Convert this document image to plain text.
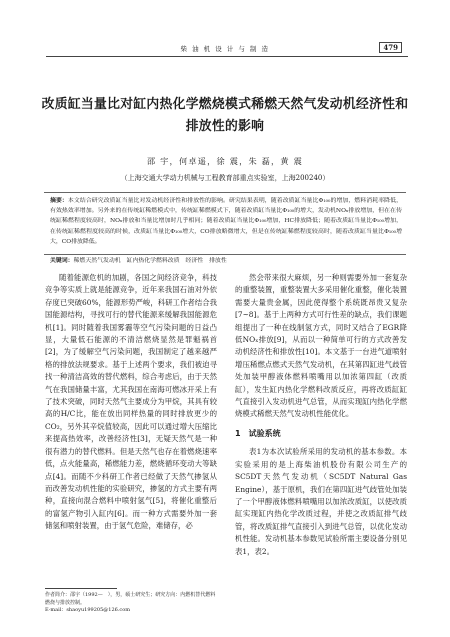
柴 油 机 设 计 与 制 造	479
改质缸当量比对缸内热化学燃烧模式稀燃天然气发动机经济性和排放性的影响
邵 宇，何卓遥，徐 震，朱 磊，黄 震
（上海交通大学动力机械与工程教育部重点实验室，上海200240）
摘要：本文结合研究改质缸当量比对发动机经济性和排放性的影响。研究结果表明，随着改质缸当量比Φ₁₀₀的增加，燃料消耗率降低，有效热效率增加。另外来的在传统缸稀燃模式中，传统缸稀燃模式下，随着改质缸当量比Φ₁₀₀的增大，发动机NOₓ排放增加，但在在传统缸稀燃程度较高时，NOₓ排放和当量比增加时几乎相同；随着改质缸当量比Φ₁₀₀增加，HC排放降低；随着改质缸当量比Φ₁₀₀增加，在传统缸稀燃程度较高的时候，改质缸当量比Φ₁₀₀增大，CO排放略微增大，但是在传统缸稀燃程度较高时，随着改质缸当量比Φ₁₀₀增大，CO排放降低。
关键词：稀燃天然气发动机　缸内热化学燃料改质　经济性　排放性

随着能源危机的加剧，各国之间经济竞争，科技竞争等实质上就是能源竞争，近年来我国石油对外依存度已突破60%，能源形势严峻，科研工作者结合我国能源结构，寻找可行的替代能源来缓解我国能源危机[1]。同时随着我国雾霾等空气污染问题的日益凸显，大量低石能源的不清洁燃烧显然是罪魁祸首[2]，为了缓解空气污染问题，我国制定了越来越严格的排放法规要求。基于上述两个要求，我们被迫寻找一种清洁高效的替代燃料，综合考虑后，由于天然气在我国储量丰富，尤其我国在南海可燃冰开采上有了技术突破，同时天然气主要成分为甲烷，其具有较高的H/C比，能在放出同样热量的同时排放更少的CO₂，另外其辛烷值较高，因此可以通过增大压缩比来提高热效率，改善经济性[3]，无疑天然气是一种很有潜力的替代燃料。但是天然气也存在着燃烧速率低，点火能量高，稀燃能力差，燃烧循环变动大等缺点[4]。而随不少科研工作者已经做了天然气掺氢从而改善发动机性能的实验研究，掺氢的方式主要有两种，直接向混合燃料中喷射氢气[5]，将催化重整后的富氢产物引入缸内[6]。而一种方式需要外加一套储氢和喷射装置，由于氢气危险，难储存，必

然会带来很大麻烦，另一种则需要外加一套复杂的重整装置，重整装置大多采用催化重整，催化装置需要大量贵金属，因此使得整个系统既昂贵又复杂[7~8]。基于上两种方式可行性差的缺点，我们课题组提出了一种在线制氢方式，同时又结合了EGR降低NOₓ排放[9]，从而以一种简单可行的方式改善发动机经济性和排放性[10]。本文基于一台进气道喷射增压稀燃点燃式天然气发动机，在其第四缸进气歧管处加装甲醇液体燃料喷嘴用以加浓第四缸（改质缸），发生缸内热化学燃料改质反应，再将改质缸缸气直接引入发动机进气总管，从而实现缸内热化学燃烧模式稀燃天然气发动机性能优化。

1　试验系统

表1为本次试验所采用的发动机的基本参数。本实验采用的是上海柴油机股份有限公司生产的SC5DT天然气发动机（SC5DT Natural Gas Engine），基于原机，我们在第四缸进气歧管处加装了一个甲醇液体燃料喷嘴用以加浓改质缸，以使改质缸实现缸内热化学改质过程，并使之改质缸排气歧管，将改质缸排气直接引入到进气总管，以优化发动机性能。发动机基本参数见试验所需主要设备分别见表1，表2。

作者简介：邵宇（1992—　），男，硕士研究生；研究方向：内燃机替代燃料燃烧与排放控制。
E-mail：shaoyu199205@126.com
